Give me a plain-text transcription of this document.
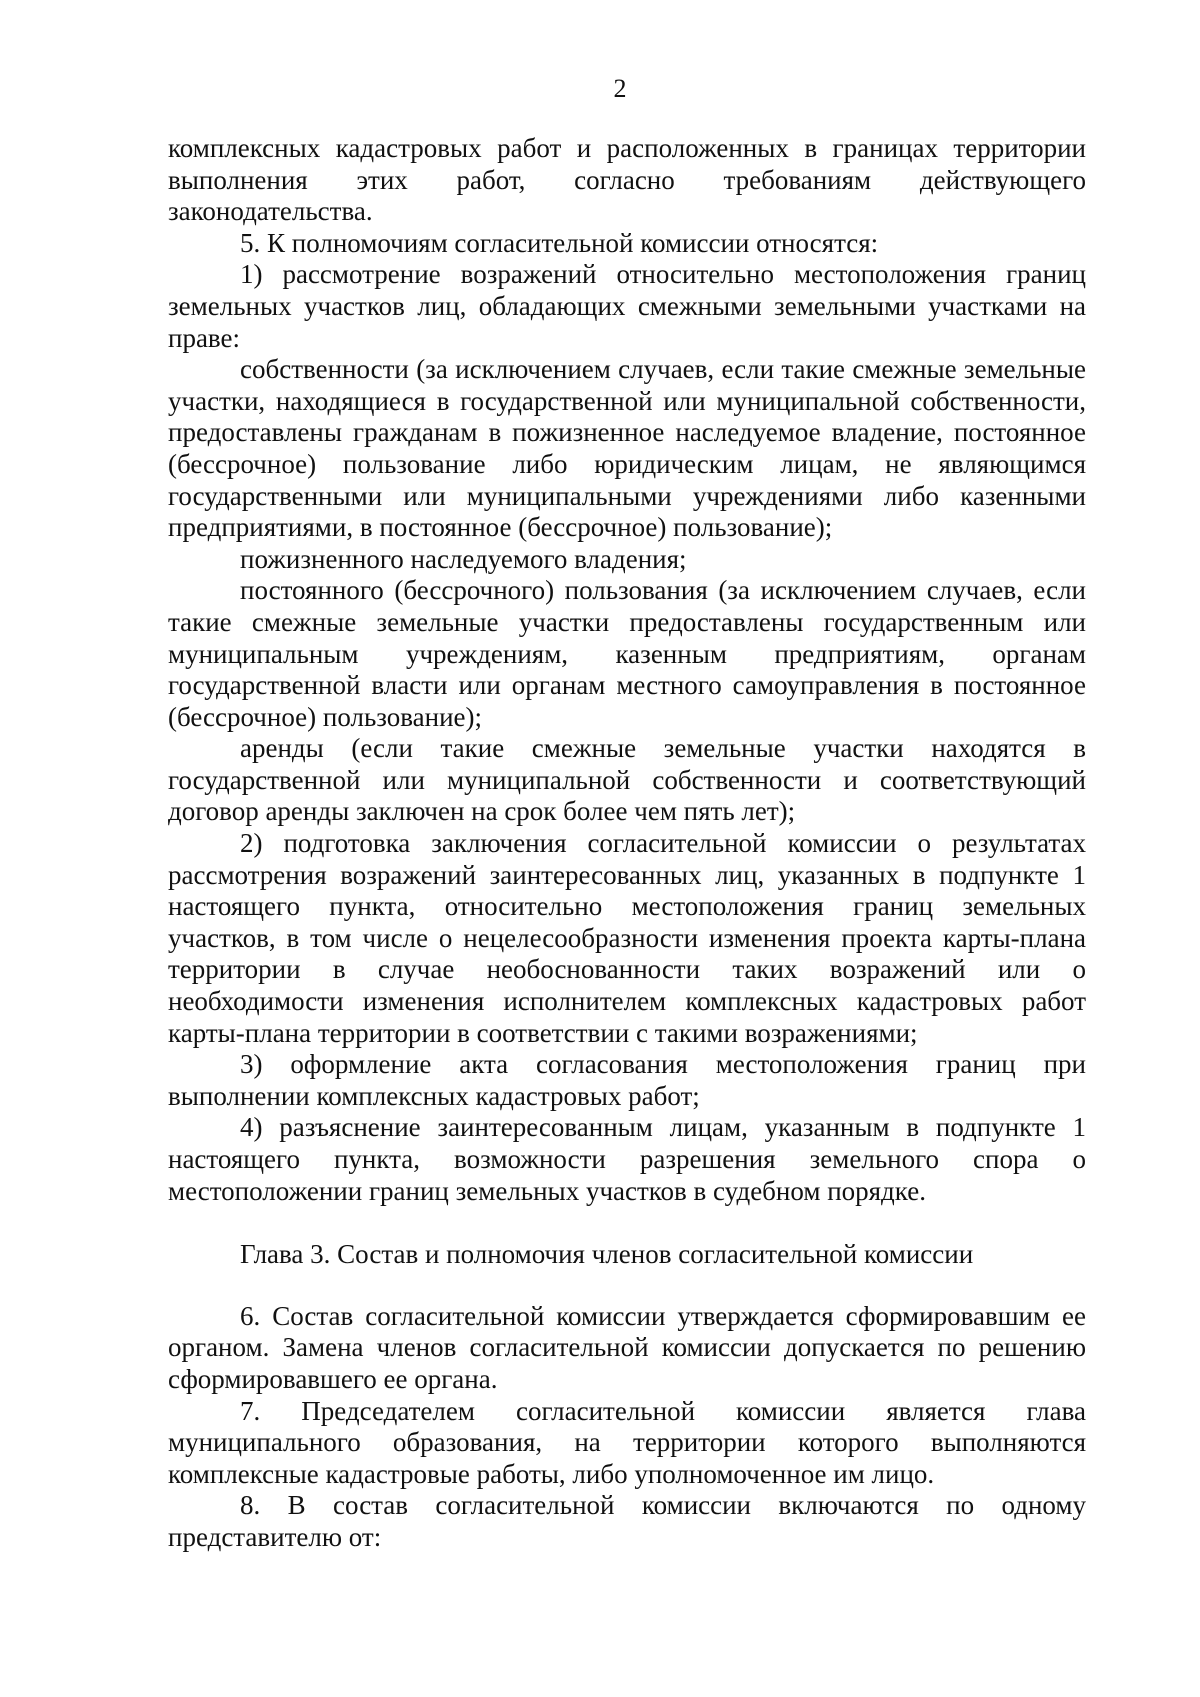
2

комплексных кадастровых работ и расположенных в границах территории выполнения этих работ, согласно требованиям действующего законодательства.

5. К полномочиям согласительной комиссии относятся:

1) рассмотрение возражений относительно местоположения границ земельных участков лиц, обладающих смежными земельными участками на праве:

собственности (за исключением случаев, если такие смежные земельные участки, находящиеся в государственной или муниципальной собственности, предоставлены гражданам в пожизненное наследуемое владение, постоянное (бессрочное) пользование либо юридическим лицам, не являющимся государственными или муниципальными учреждениями либо казенными предприятиями, в постоянное (бессрочное) пользование);

пожизненного наследуемого владения;

постоянного (бессрочного) пользования (за исключением случаев, если такие смежные земельные участки предоставлены государственным или муниципальным учреждениям, казенным предприятиям, органам государственной власти или органам местного самоуправления в постоянное (бессрочное) пользование);

аренды (если такие смежные земельные участки находятся в государственной или муниципальной собственности и соответствующий договор аренды заключен на срок более чем пять лет);

2) подготовка заключения согласительной комиссии о результатах рассмотрения возражений заинтересованных лиц, указанных в подпункте 1 настоящего пункта, относительно местоположения границ земельных участков, в том числе о нецелесообразности изменения проекта карты-плана территории в случае необоснованности таких возражений или о необходимости изменения исполнителем комплексных кадастровых работ карты-плана территории в соответствии с такими возражениями;

3) оформление акта согласования местоположения границ при выполнении комплексных кадастровых работ;

4) разъяснение заинтересованным лицам, указанным в подпункте 1 настоящего пункта, возможности разрешения земельного спора о местоположении границ земельных участков в судебном порядке.

Глава 3. Состав и полномочия членов согласительной комиссии

6. Состав согласительной комиссии утверждается сформировавшим ее органом. Замена членов согласительной комиссии допускается по решению сформировавшего ее органа.

7. Председателем согласительной комиссии является глава муниципального образования, на территории которого выполняются комплексные кадастровые работы, либо уполномоченное им лицо.

8. В состав согласительной комиссии включаются по одному представителю от:
